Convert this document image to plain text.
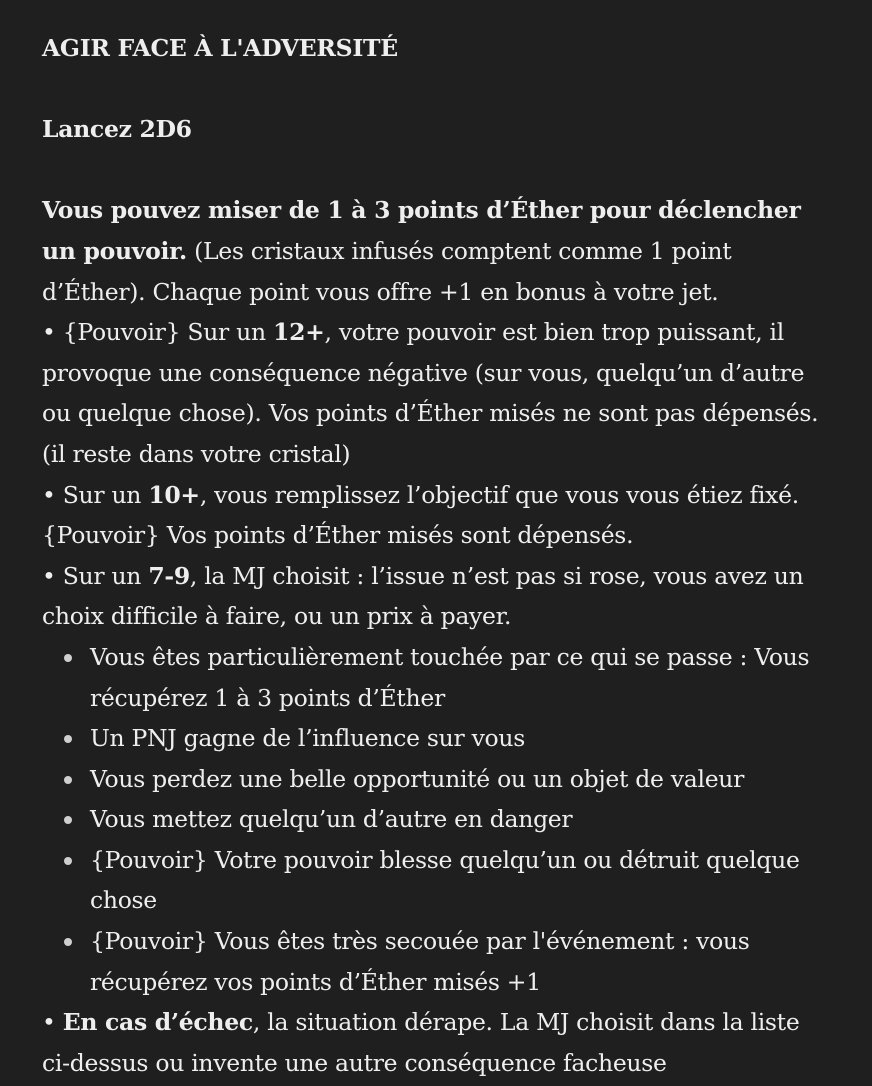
AGIR FACE À L'ADVERSITÉ

Lancez 2D6

Vous pouvez miser de 1 à 3 points d’Éther pour déclencher un pouvoir. (Les cristaux infusés comptent comme 1 point d’Éther). Chaque point vous offre +1 en bonus à votre jet.

• {Pouvoir} Sur un 12+, votre pouvoir est bien trop puissant, il provoque une conséquence négative (sur vous, quelqu’un d’autre ou quelque chose). Vos points d’Éther misés ne sont pas dépensés. (il reste dans votre cristal)

• Sur un 10+, vous remplissez l’objectif que vous vous étiez fixé. {Pouvoir} Vos points d’Éther misés sont dépensés.

• Sur un 7-9, la MJ choisit : l’issue n’est pas si rose, vous avez un choix difficile à faire, ou un prix à payer.

Vous êtes particulièrement touchée par ce qui se passe : Vous récupérez 1 à 3 points d’Éther
Un PNJ gagne de l’influence sur vous
Vous perdez une belle opportunité ou un objet de valeur
Vous mettez quelqu’un d’autre en danger
{Pouvoir} Votre pouvoir blesse quelqu’un ou détruit quelque chose
{Pouvoir} Vous êtes très secouée par l'événement : vous récupérez vos points d’Éther misés +1

• En cas d’échec, la situation dérape. La MJ choisit dans la liste ci-dessus ou invente une autre conséquence facheuse
